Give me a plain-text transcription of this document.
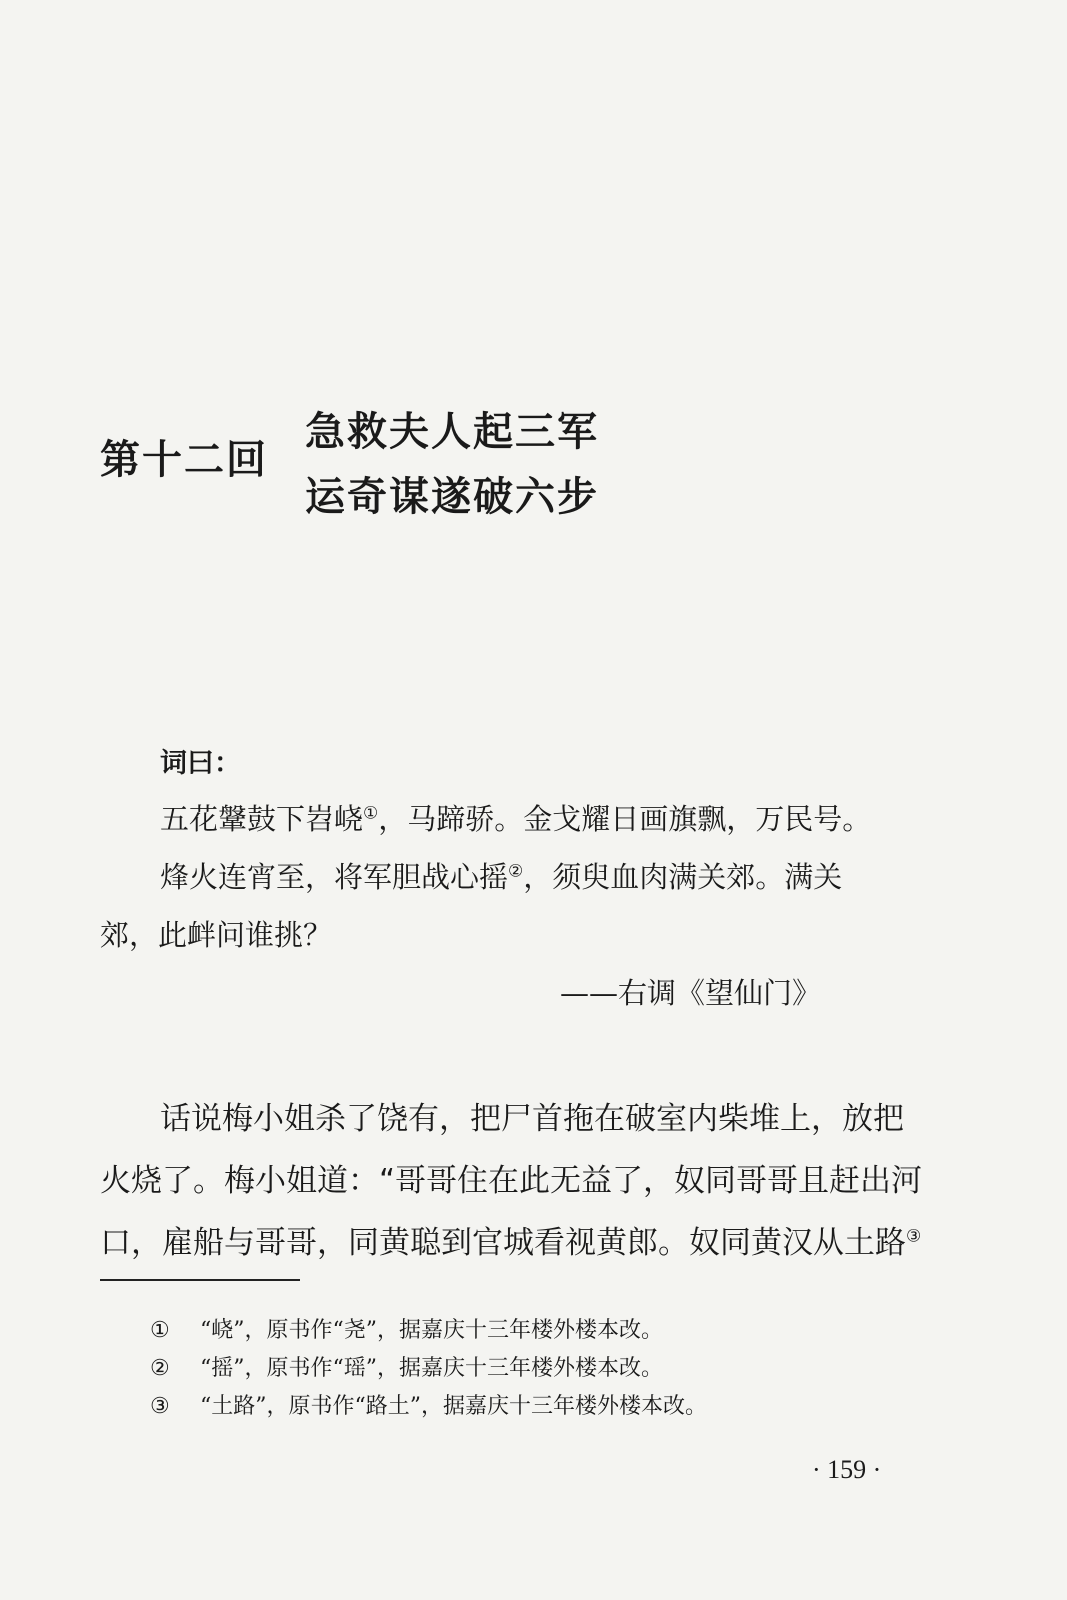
第十二回
急救夫人起三军
运奇谋遂破六步
词曰：
五花鞶鼓下岧峣①，马蹄骄。金戈耀日画旗飘，万民号。
烽火连宵至，将军胆战心摇②，须臾血肉满关郊。满关
郊，此衅问谁挑？
——右调《望仙门》
话说梅小姐杀了饶有，把尸首拖在破室内柴堆上，放把
火烧了。梅小姐道：“哥哥住在此无益了，奴同哥哥且赶出河
口，雇船与哥哥，同黄聪到官城看视黄郎。奴同黄汉从土路③
① “峣”，原书作“尧”，据嘉庆十三年楼外楼本改。
② “摇”，原书作“瑶”，据嘉庆十三年楼外楼本改。
③ “土路”，原书作“路土”，据嘉庆十三年楼外楼本改。
· 159 ·
